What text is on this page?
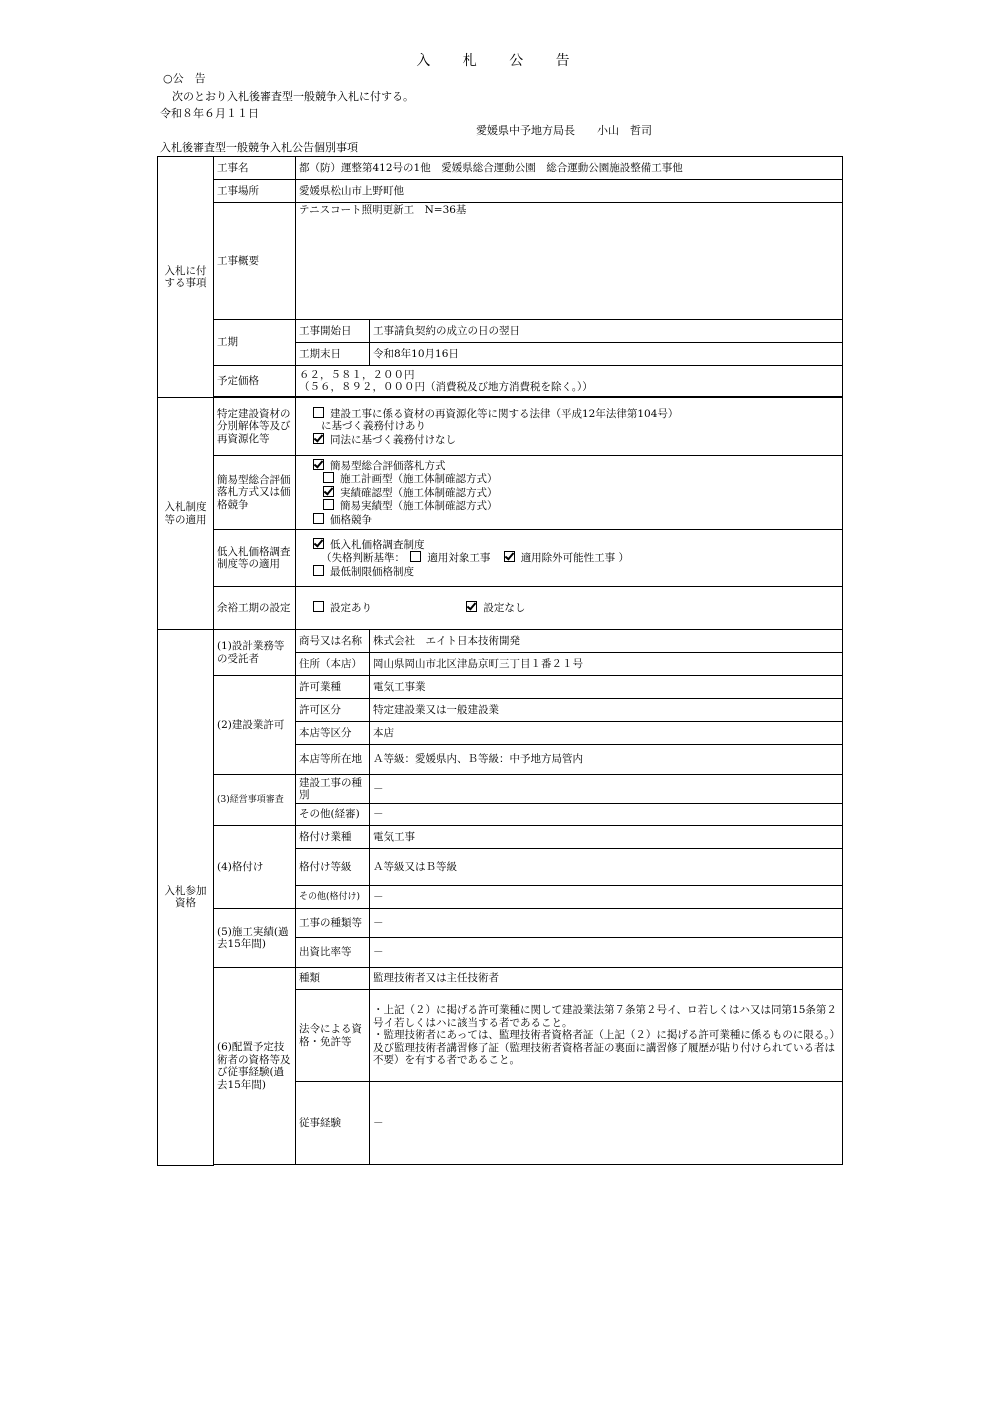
入 札 公 告
○公　告
次のとおり入札後審査型一般競争入札に付する。
令和８年６月１１日
愛媛県中予地方局長　　小山　哲司
入札後審査型一般競争入札公告個別事項
入札に付する事項	工事名	都（防）運整第412号の1他　愛媛県総合運動公園　総合運動公園施設整備工事他	
	工事場所	愛媛県松山市上野町他	
	工事概要	テニスコート照明更新工　N=36基	
	工期	工事開始日	工事請負契約の成立の日の翌日
		工期末日	令和8年10月16日
	予定価格	６２，５８１，２００円
（５６，８９２，０００円（消費税及び地方消費税を除く。））	

入札制度等の適用	特定建設資材の分別解体等及び再資源化等	建設工事に係る資材の再資源化等に関する法律（平成12年法律第104号）
に基づく義務付けあり
同法に基づく義務付けなし	

	簡易型総合評価落札方式又は価格競争	簡易型総合評価落札方式
施工計画型（施工体制確認方式）
実績確認型（施工体制確認方式）
簡易実績型（施工体制確認方式）
価格競争	

	低入札価格調査制度等の適用	低入札価格調査制度
（失格判断基準： 適用対象工事 適用除外可能性工事 ）
最低制限価格制度	

	余裕工期の設定	設定あり 設定なし	
入札参加資格	(1)設計業務等の受託者	商号又は名称	株式会社　エイト日本技術開発
		住所（本店）	岡山県岡山市北区津島京町三丁目１番２１号
	(2)建設業許可	許可業種	電気工事業
		許可区分	特定建設業又は一般建設業
		本店等区分	本店
		本店等所在地	Ａ等級：愛媛県内、Ｂ等級：中予地方局管内
	(3)経営事項審査	建設工事の種別	－
		その他(経審)	－
	(4)格付け	格付け業種	電気工事
		格付け等級	Ａ等級又はＢ等級
		その他(格付け)	－
	(5)施工実績(過去15年間)	工事の種類等	－
		出資比率等	－
	(6)配置予定技術者の資格等及び従事経験(過去15年間)	種類	監理技術者又は主任技術者
		法令による資格・免許等	・上記（２）に掲げる許可業種に関して建設業法第７条第２号イ、ロ若しくはハ又は同第15条第２号イ若しくはハに該当する者であること。
・監理技術者にあっては、監理技術者資格者証（上記（２）に掲げる許可業種に係るものに限る。）及び監理技術者講習修了証（監理技術者資格者証の裏面に講習修了履歴が貼り付けられている者は不要）を有する者であること。

		従事経験	－
